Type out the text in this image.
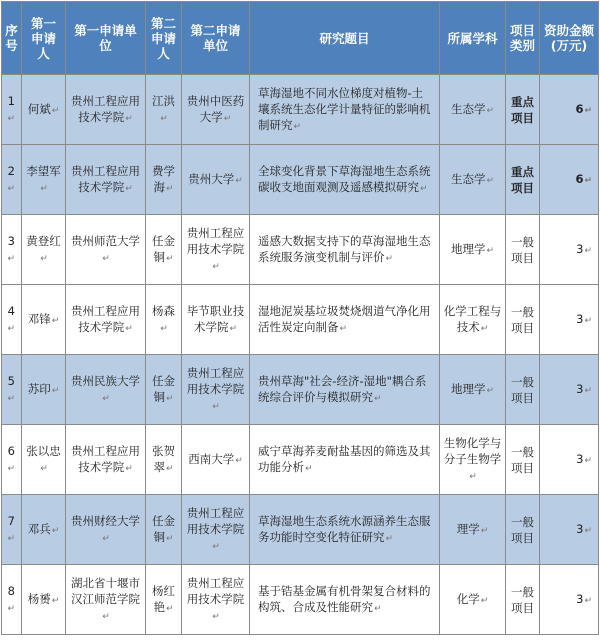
序号	第一申请人	第一申请单位	第二申请人	第二申请单位	研究题目	所属学科	项目类别	资助金额(万元)
1↵	何斌↵	贵州工程应用技术学院↵	江洪↵	贵州中医药大学↵	草海湿地不同水位梯度对植物-土壤系统生态化学计量特征的影响机制研究↵	生态学↵	重点项目	6↵
2↵	李望军↵	贵州工程应用技术学院↵	费学海↵	贵州大学↵	全球变化背景下草海湿地生态系统碳收支地面观测及遥感模拟研究↵	生态学↵	重点项目	6↵
3↵	黄登红↵	贵州师范大学↵	任金铜↵	贵州工程应用技术学院↵	遥感大数据支持下的草海湿地生态系统服务演变机制与评价↵	地理学↵	一般项目	3↵
4↵	邓锋↵	贵州工程应用技术学院↵	杨森↵	毕节职业技术学院↵	湿地泥炭基垃圾焚烧烟道气净化用活性炭定向制备↵	化学工程与技术↵	一般项目	3↵
5↵	苏印↵	贵州民族大学↵	任金铜↵	贵州工程应用技术学院↵	贵州草海"社会-经济-湿地"耦合系统综合评价与模拟研究↵	地理学↵	一般项目	3↵
6↵	张以忠↵	贵州工程应用技术学院↵	张贺翠↵	西南大学↵	威宁草海荞麦耐盐基因的筛选及其功能分析↵	生物化学与分子生物学↵	一般项目	3↵
7↵	邓兵↵	贵州财经大学↵	任金铜↵	贵州工程应用技术学院↵	草海湿地生态系统水源涵养生态服务功能时空变化特征研究↵	理学↵	一般项目	3↵
8↵	杨赟↵	湖北省十堰市汉江师范学院↵	杨红艳↵	贵州工程应用技术学院↵	基于锆基金属有机骨架复合材料的构筑、合成及性能研究↵	化学↵	一般项目	3↵
